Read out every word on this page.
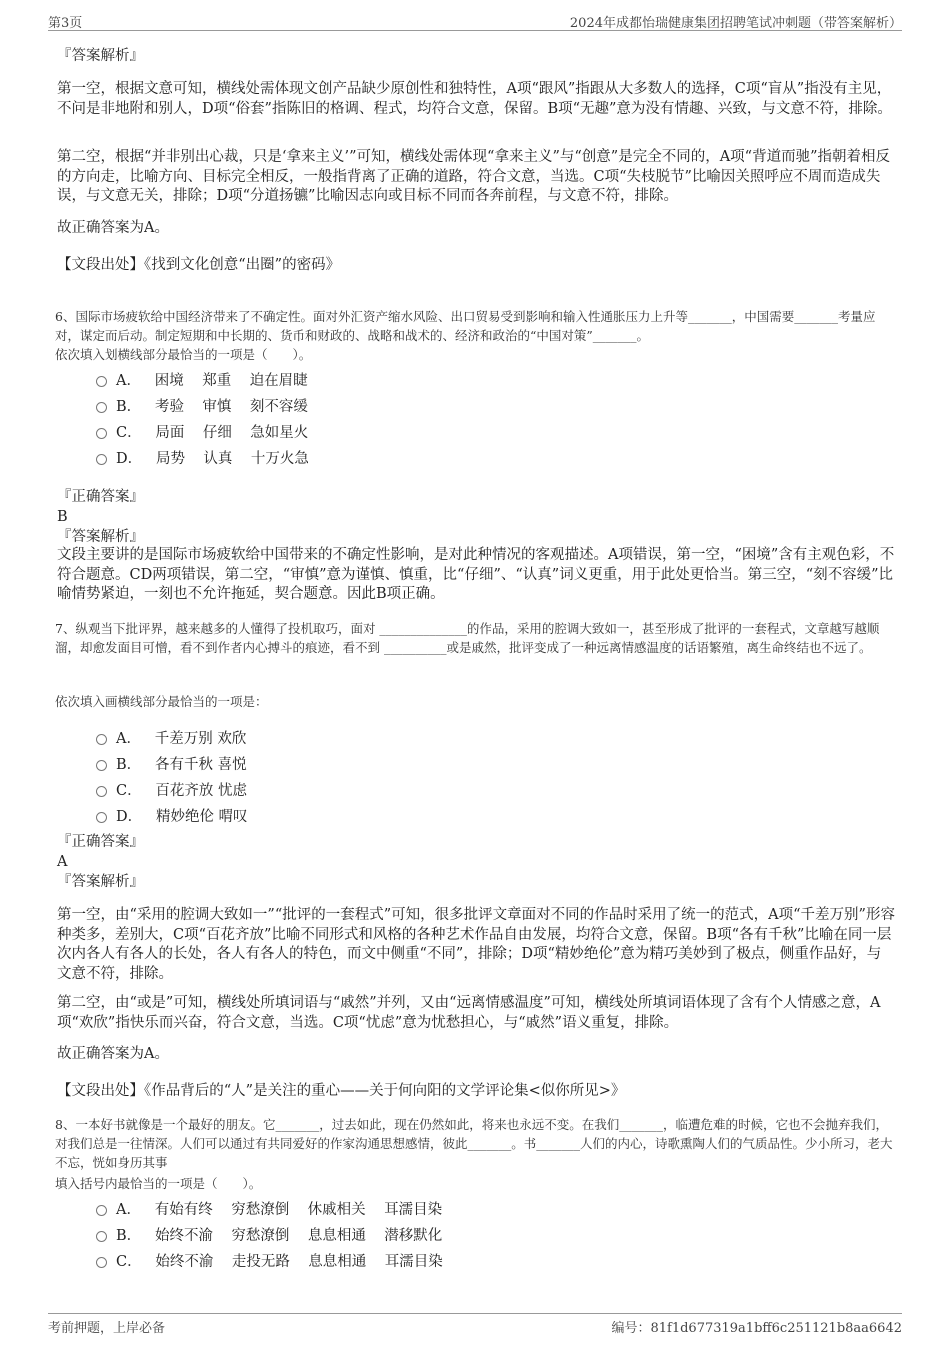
第3页	2024年成都怡瑞健康集团招聘笔试冲刺题（带答案解析）
『答案解析』
第一空，根据文意可知，横线处需体现文创产品缺少原创性和独特性，A项“跟风”指跟从大多数人的选择，C项“盲从”指没有主见，不问是非地附和别人，D项“俗套”指陈旧的格调、程式，均符合文意，保留。B项“无趣”意为没有情趣、兴致，与文意不符，排除。
第二空，根据“并非别出心裁，只是‘拿来主义’”可知，横线处需体现“拿来主义”与“创意”是完全不同的，A项“背道而驰”指朝着相反的方向走，比喻方向、目标完全相反，一般指背离了正确的道路，符合文意，当选。C项“失枝脱节”比喻因关照呼应不周而造成失误，与文意无关，排除；D项“分道扬镳”比喻因志向或目标不同而各奔前程，与文意不符，排除。
故正确答案为A。
【文段出处】《找到文化创意“出圈”的密码》
6、国际市场疲软给中国经济带来了不确定性。面对外汇资产缩水风险、出口贸易受到影响和输入性通胀压力上升等_______，中国需要_______考量应对，谋定而后动。制定短期和中长期的、货币和财政的、战略和战术的、经济和政治的“中国对策”_______。
依次填入划横线部分最恰当的一项是（　　）。
A．   困境    郑重    迫在眉睫
B．   考验    审慎    刻不容缓
C．   局面    仔细    急如星火
D．   局势    认真    十万火急
『正确答案』
B
『答案解析』
文段主要讲的是国际市场疲软给中国带来的不确定性影响，是对此种情况的客观描述。A项错误，第一空，“困境”含有主观色彩，不符合题意。CD两项错误，第二空，“审慎”意为谨慎、慎重，比“仔细”、“认真”词义更重，用于此处更恰当。第三空，“刻不容缓”比喻情势紧迫，一刻也不允许拖延，契合题意。因此B项正确。
7、纵观当下批评界，越来越多的人懂得了投机取巧，面对 ______________的作品，采用的腔调大致如一，甚至形成了批评的一套程式，文章越写越顺溜，却愈发面目可憎，看不到作者内心搏斗的痕迹，看不到 __________或是戚然，批评变成了一种远离情感温度的话语繁殖，离生命终结也不远了。
依次填入画横线部分最恰当的一项是：
A．   千差万别 欢欣
B．   各有千秋 喜悦
C．   百花齐放 忧虑
D．   精妙绝伦 喟叹
『正确答案』
A
『答案解析』
第一空，由“采用的腔调大致如一”“批评的一套程式”可知，很多批评文章面对不同的作品时采用了统一的范式，A项“千差万别”形容种类多，差别大，C项“百花齐放”比喻不同形式和风格的各种艺术作品自由发展，均符合文意，保留。B项“各有千秋”比喻在同一层次内各人有各人的长处，各人有各人的特色，而文中侧重“不同”，排除；D项“精妙绝伦”意为精巧美妙到了极点，侧重作品好，与文意不符，排除。
第二空，由“或是”可知，横线处所填词语与“戚然”并列，又由“远离情感温度”可知，横线处所填词语体现了含有个人情感之意，A项“欢欣”指快乐而兴奋，符合文意，当选。C项“忧虑”意为忧愁担心，与“戚然”语义重复，排除。
故正确答案为A。
【文段出处】《作品背后的“人”是关注的重心——关于何向阳的文学评论集<似你所见>》
8、一本好书就像是一个最好的朋友。它_______，过去如此，现在仍然如此，将来也永远不变。在我们_______，临遭危难的时候，它也不会抛弃我们，对我们总是一往情深。人们可以通过有共同爱好的作家沟通思想感情，彼此_______。书_______人们的内心，诗歌熏陶人们的气质品性。少小所习，老大不忘，恍如身历其事
填入括号内最恰当的一项是（　　）。
A．   有始有终    穷愁潦倒    休戚相关    耳濡目染
B．   始终不渝    穷愁潦倒    息息相通    潜移默化
C．   始终不渝    走投无路    息息相通    耳濡目染
考前押题，上岸必备	编号：81f1d677319a1bff6c251121b8aa6642
